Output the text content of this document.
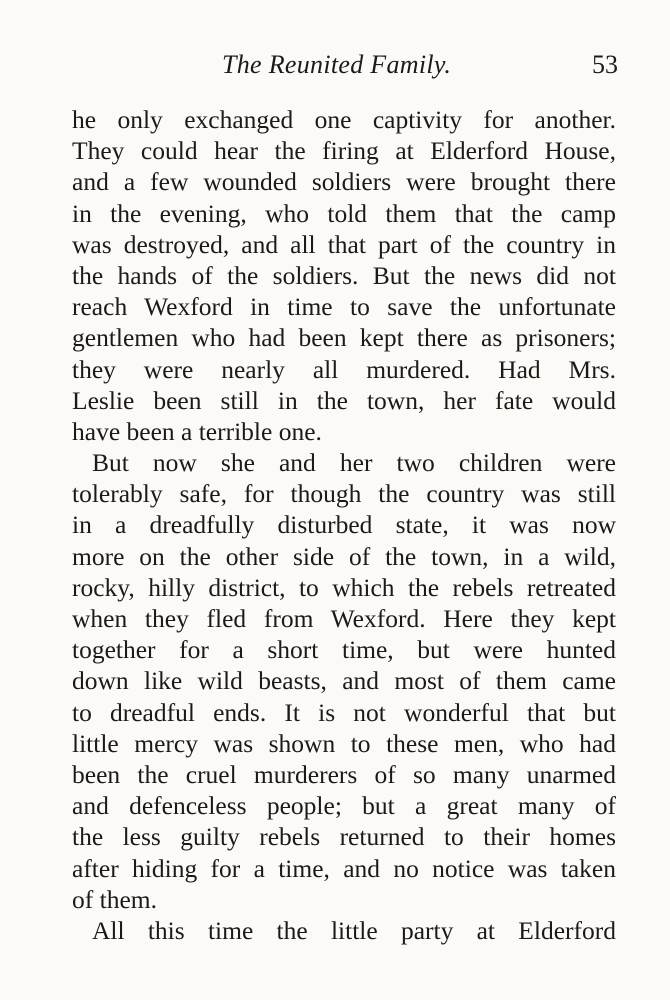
The Reunited Family.	53
he only exchanged one captivity for another.
They could hear the firing at Elderford House,
and a few wounded soldiers were brought there
in the evening, who told them that the camp
was destroyed, and all that part of the country in
the hands of the soldiers. But the news did not
reach Wexford in time to save the unfortunate
gentlemen who had been kept there as prisoners;
they were nearly all murdered. Had Mrs.
Leslie been still in the town, her fate would
have been a terrible one.
But now she and her two children were
tolerably safe, for though the country was still
in a dreadfully disturbed state, it was now
more on the other side of the town, in a wild,
rocky, hilly district, to which the rebels retreated
when they fled from Wexford. Here they kept
together for a short time, but were hunted
down like wild beasts, and most of them came
to dreadful ends. It is not wonderful that but
little mercy was shown to these men, who had
been the cruel murderers of so many unarmed
and defenceless people; but a great many of
the less guilty rebels returned to their homes
after hiding for a time, and no notice was taken
of them.
All this time the little party at Elderford
